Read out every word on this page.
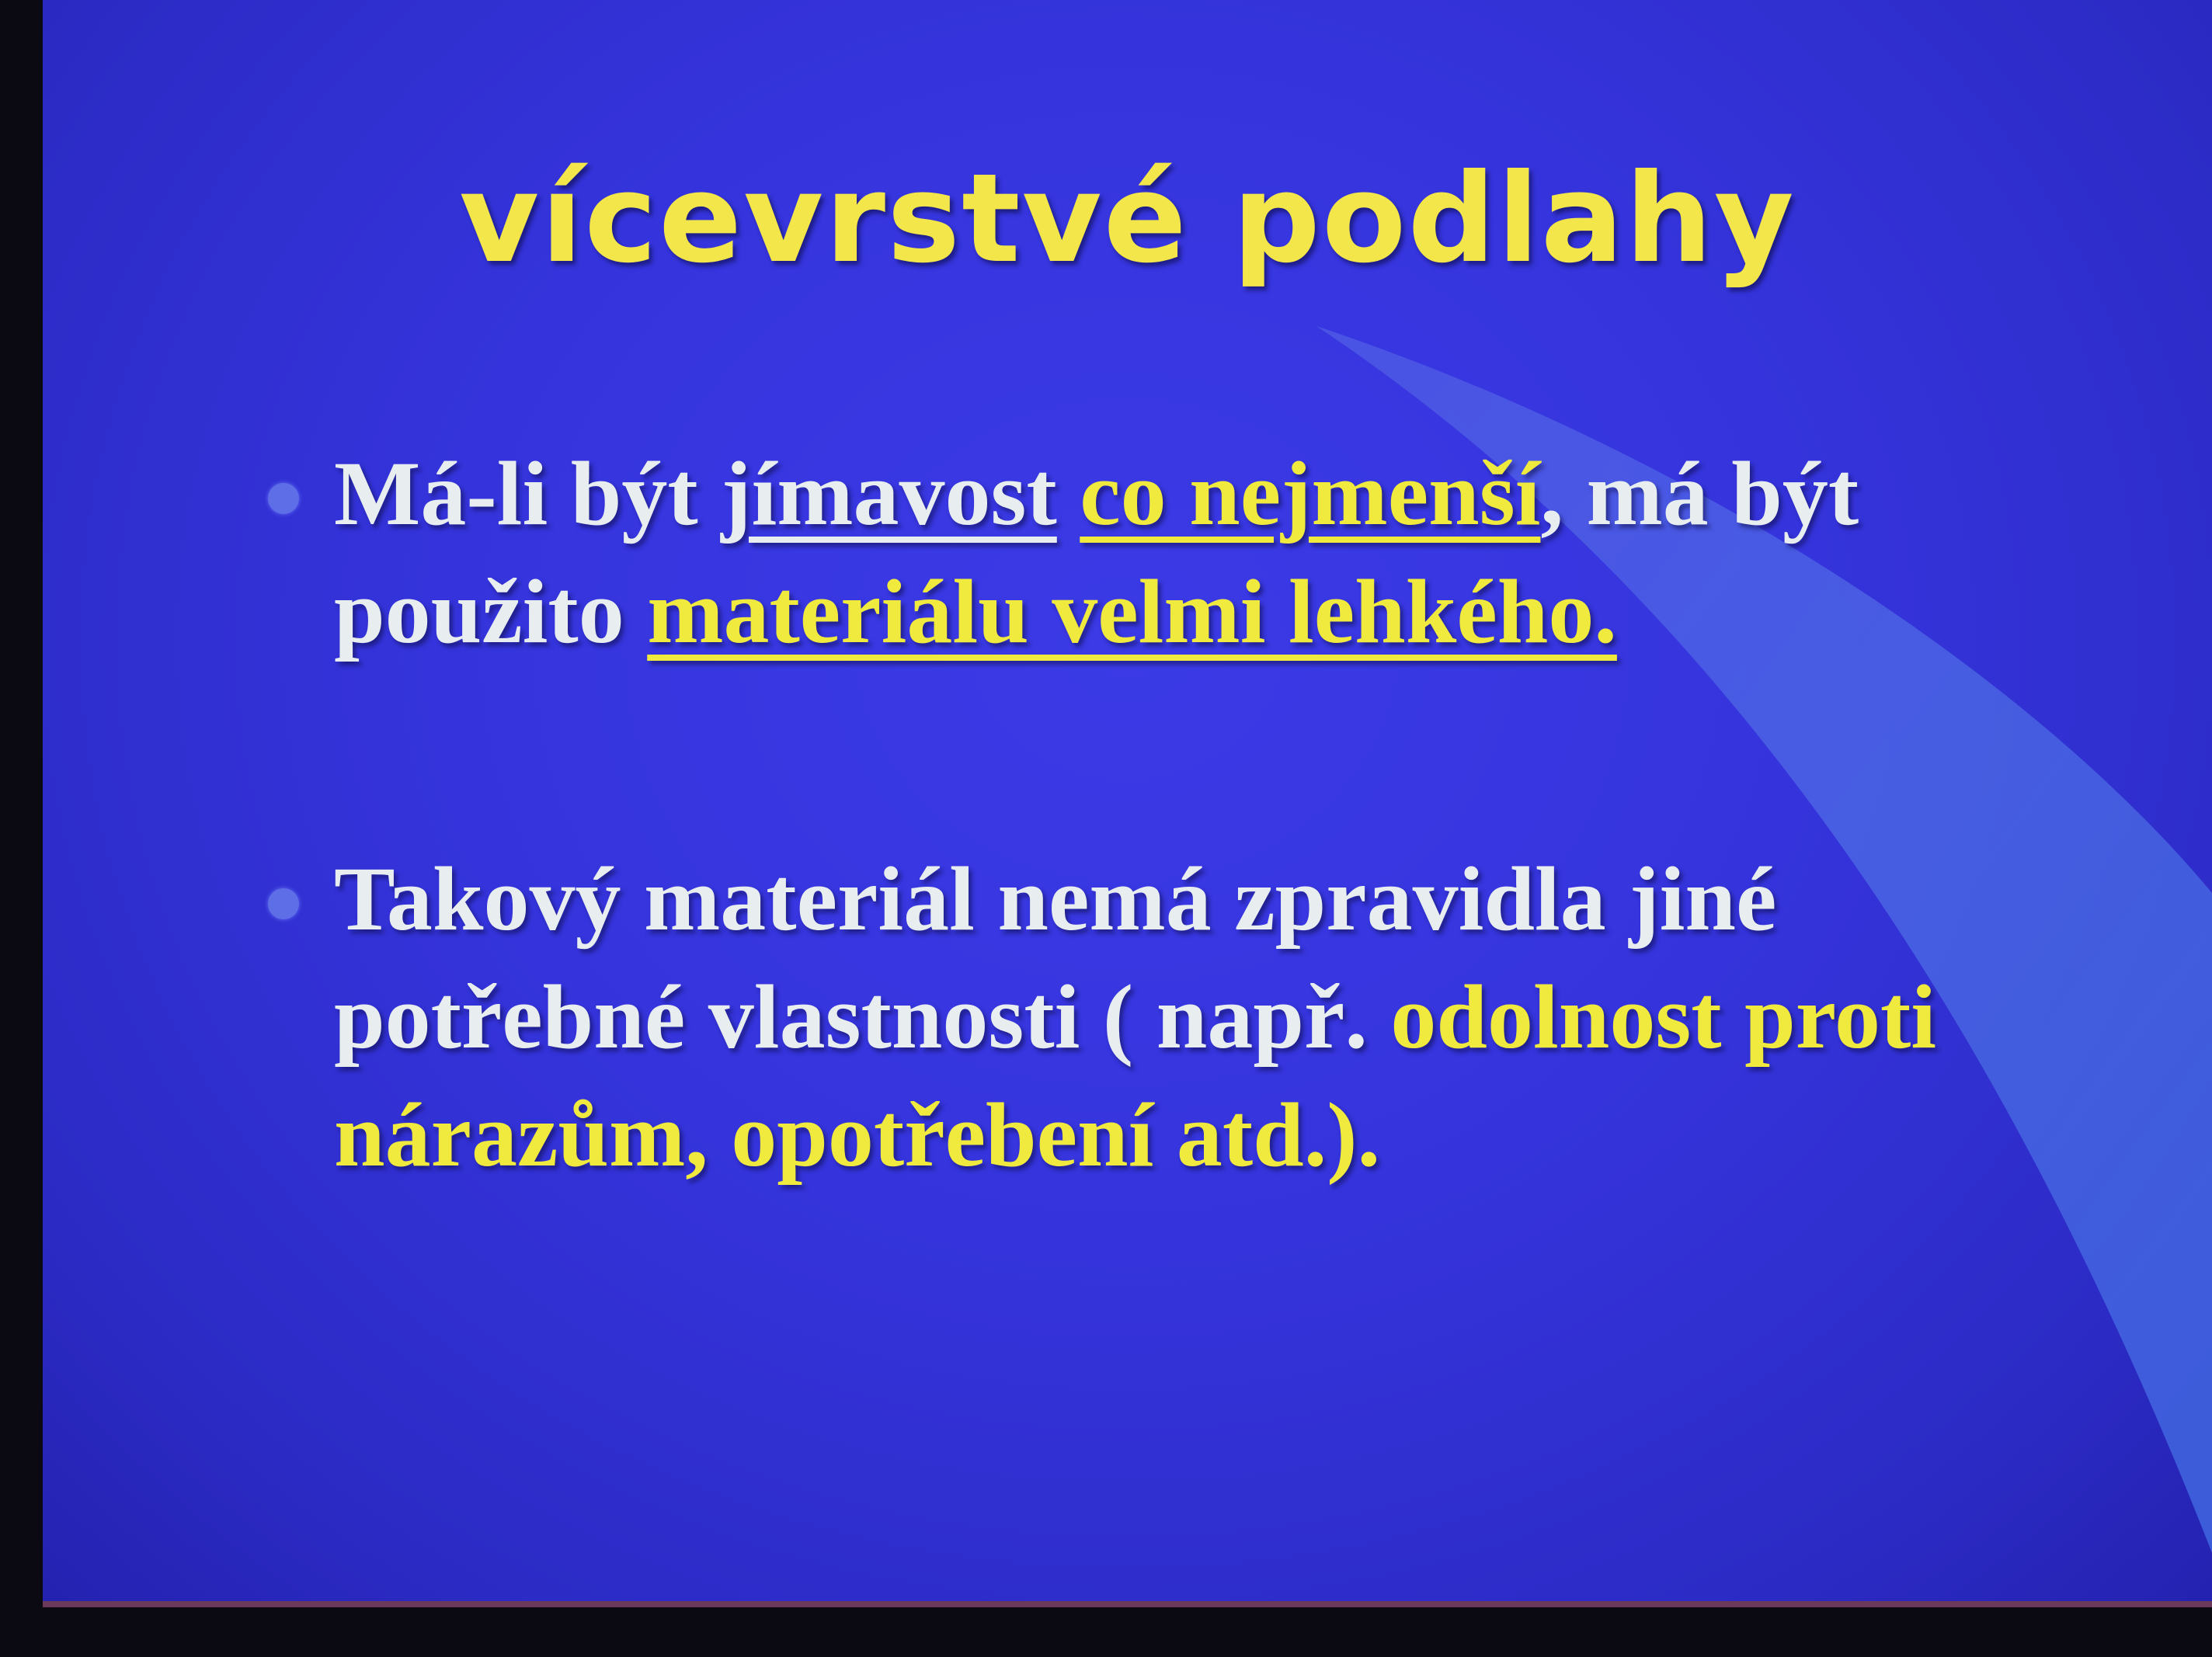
vícevrstvé podlahy
Má-li být jímavost co nejmenší, má být
použito materiálu velmi lehkého.
Takový materiál nemá zpravidla jiné
potřebné vlastnosti ( např. odolnost proti
nárazům, opotřebení atd.).
